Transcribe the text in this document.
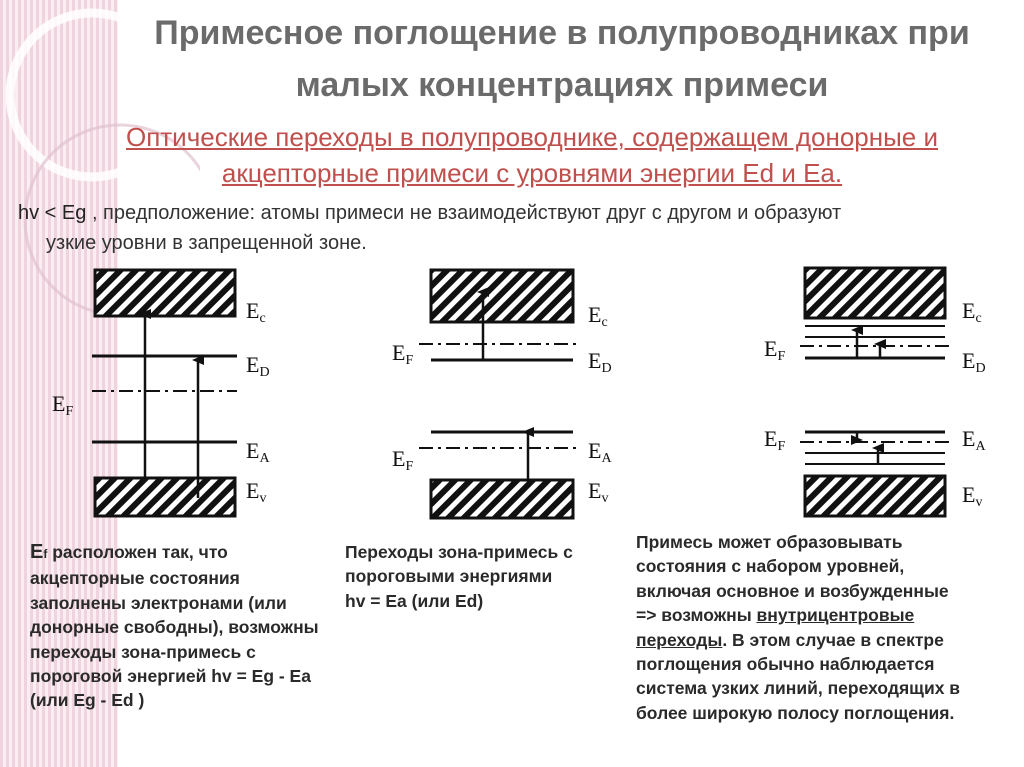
Примесное поглощение в полупроводниках при
малых концентрациях примеси
Оптические переходы в полупроводнике, содержащем донорные и
акцепторные примеси с уровнями энергии Ed и Ea.
hv < Eg , предположение: атомы примеси не взаимодействуют друг с другом и образуют
узкие уровни в запрещенной зоне.
Ec
ED
EF
EA
Ev
Ec
EF	ED
EA
EF
Ev
Ec
EF	ED
EA
EF
Ev
Ef расположен так, что
акцепторные состояния
заполнены электронами (или
донорные свободны), возможны
переходы зона-примесь с
пороговой энергией hv = Eg - Ea
(или Eg - Ed )
Переходы зона-примесь с
пороговыми энергиями
hv = Ea (или Ed)
Примесь может образовывать
состояния с набором уровней,
включая основное и возбужденные
=> возможны внутрицентровые
переходы. В этом случае в спектре
поглощения обычно наблюдается
система узких линий, переходящих в
более широкую полосу поглощения.
